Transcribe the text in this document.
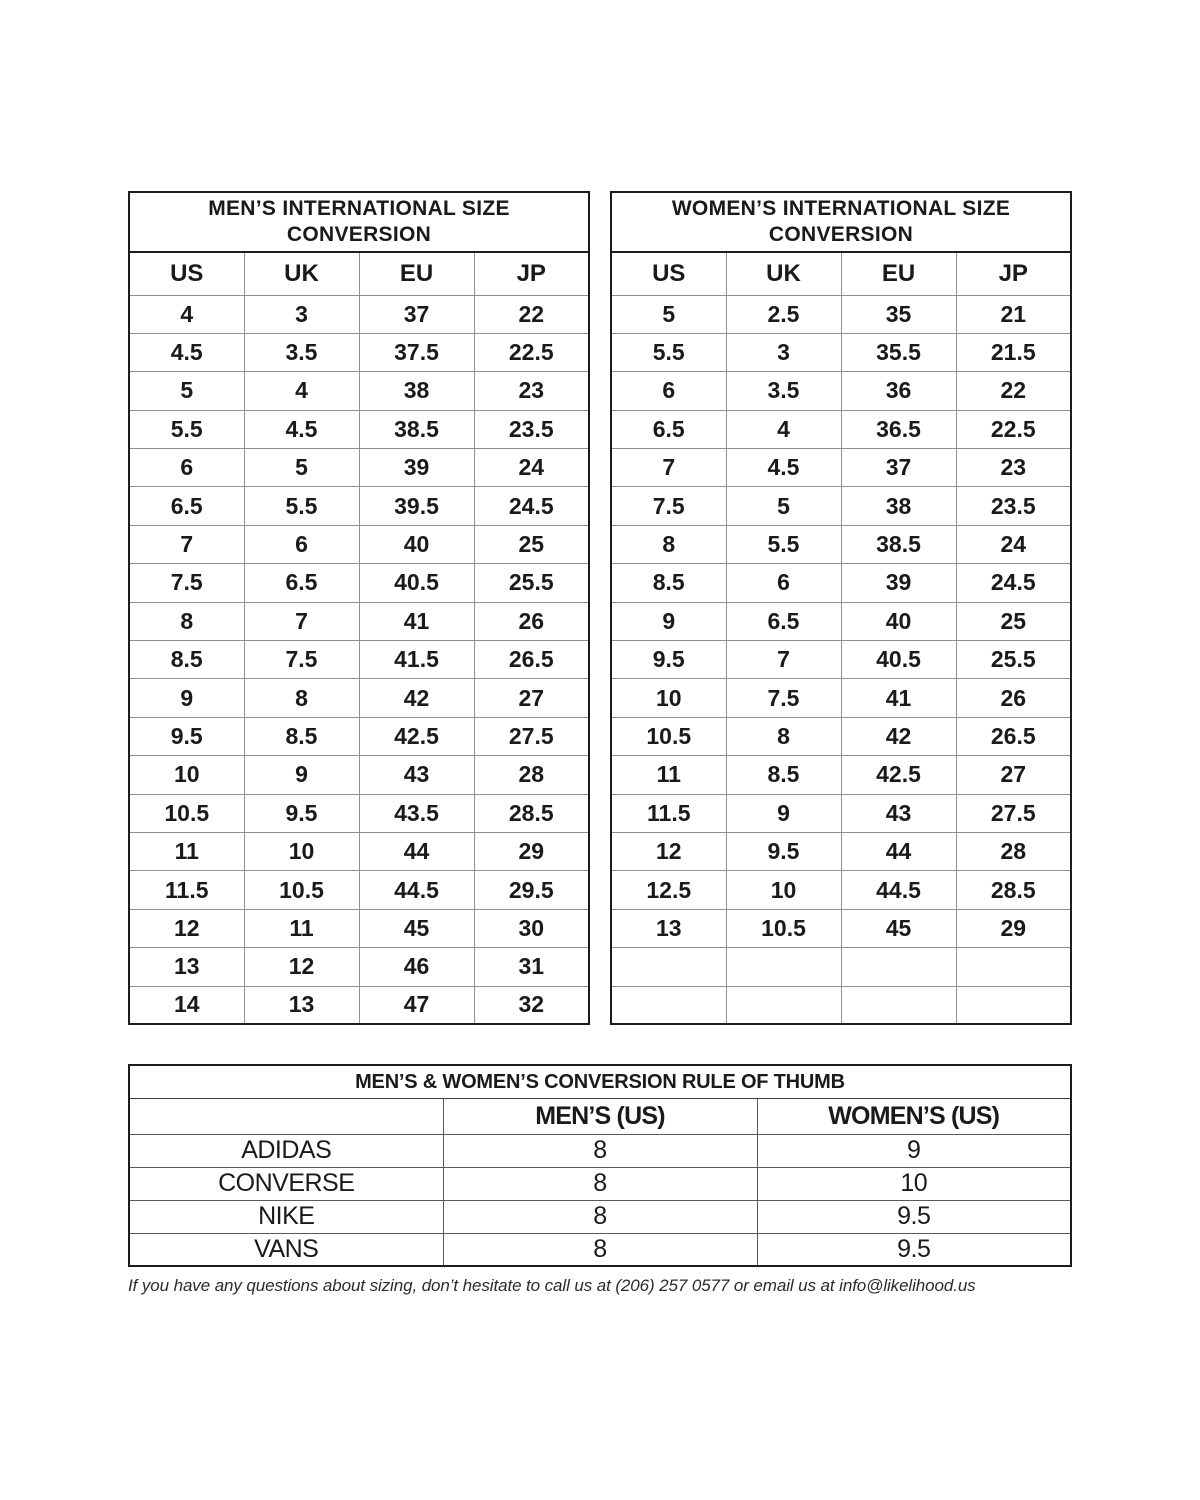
MEN’S INTERNATIONAL SIZE CONVERSION			
US	UK	EU	JP
4	3	37	22
4.5	3.5	37.5	22.5
5	4	38	23
5.5	4.5	38.5	23.5
6	5	39	24
6.5	5.5	39.5	24.5
7	6	40	25
7.5	6.5	40.5	25.5
8	7	41	26
8.5	7.5	41.5	26.5
9	8	42	27
9.5	8.5	42.5	27.5
10	9	43	28
10.5	9.5	43.5	28.5
11	10	44	29
11.5	10.5	44.5	29.5
12	11	45	30
13	12	46	31
14	13	47	32
WOMEN’S INTERNATIONAL SIZE CONVERSION			
US	UK	EU	JP
5	2.5	35	21
5.5	3	35.5	21.5
6	3.5	36	22
6.5	4	36.5	22.5
7	4.5	37	23
7.5	5	38	23.5
8	5.5	38.5	24
8.5	6	39	24.5
9	6.5	40	25
9.5	7	40.5	25.5
10	7.5	41	26
10.5	8	42	26.5
11	8.5	42.5	27
11.5	9	43	27.5
12	9.5	44	28
12.5	10	44.5	28.5
13	10.5	45	29

MEN’S & WOMEN’S CONVERSION RULE OF THUMB		
	MEN’S (US)	WOMEN’S (US)
ADIDAS	8	9
CONVERSE	8	10
NIKE	8	9.5
VANS	8	9.5
If you have any questions about sizing, don’t hesitate to call us at (206) 257 0577 or email us at info@likelihood.us
